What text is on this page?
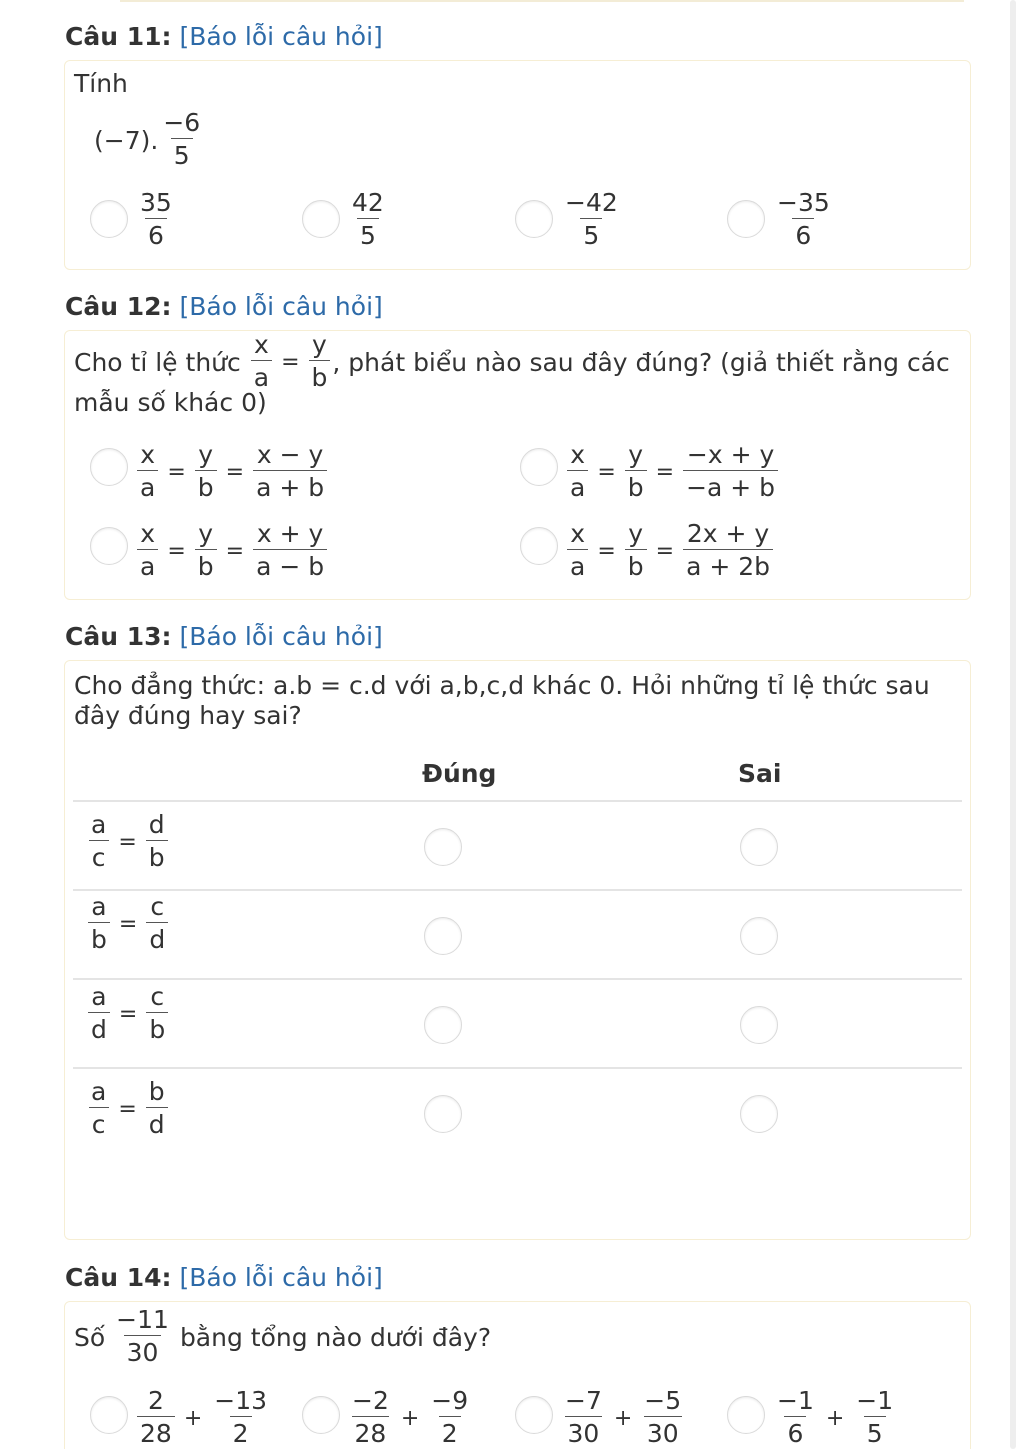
Câu 11: [Báo lỗi câu hỏi]
Tính
(−7). $\frac{-6}{5}$
$\frac{35}{6}$	$\frac{42}{5}$	$\frac{-42}{5}$	$\frac{-35}{6}$
Câu 12: [Báo lỗi câu hỏi]
Cho tỉ lệ thức $\frac{x}{a} = \frac{y}{b}$ , phát biểu nào sau đây đúng? (giả thiết rằng các
mẫu số khác 0)
$\frac{x}{a} = \frac{y}{b} = \frac{x - y}{a + b}$	$\frac{x}{a} = \frac{y}{b} = \frac{-x + y}{-a + b}$
$\frac{x}{a} = \frac{y}{b} = \frac{x + y}{a - b}$	$\frac{x}{a} = \frac{y}{b} = \frac{2x + y}{a + 2b}$
Câu 13: [Báo lỗi câu hỏi]
Cho đẳng thức: a.b = c.d với a,b,c,d khác 0. Hỏi những tỉ lệ thức sau
đây đúng hay sai?
Đúng	Sai
$\frac{a}{c} = \frac{d}{b}$
$\frac{a}{b} = \frac{c}{d}$
$\frac{a}{d} = \frac{c}{b}$
$\frac{a}{c} = \frac{b}{d}$
Câu 14: [Báo lỗi câu hỏi]
Số $\frac{-11}{30}$ bằng tổng nào dưới đây?
$\frac{2}{28} + \frac{-13}{2}$	$\frac{-2}{28} + \frac{-9}{2}$	$\frac{-7}{30} + \frac{-5}{30}$	$\frac{-1}{6} + \frac{-1}{5}$
